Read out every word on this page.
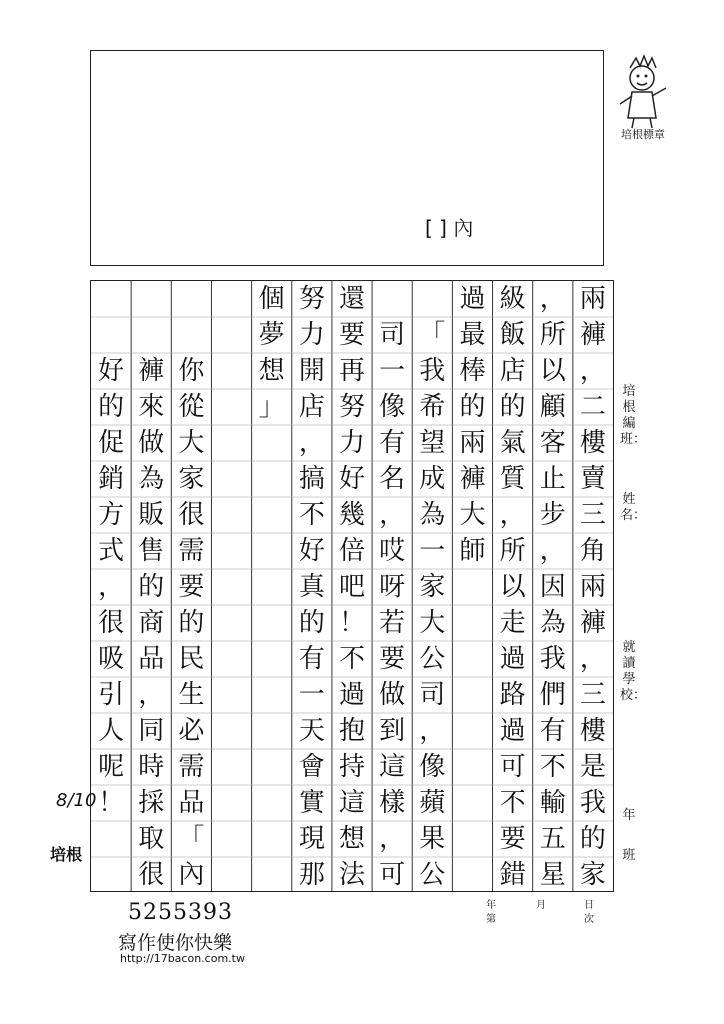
[ ] 內
培根標章
兩
褲
，
二
樓
賣
三
角
兩
褲
，
三
樓
是
我
的
家
，
所
以
顧
客
止
步
，
因
為
我
們
有
不
輸
五
星
級
飯
店
的
氣
質
，
所
以
走
過
路
過
可
不
要
錯
過
最
棒
的
兩
褲
大
師
「
我
希
望
成
為
一
家
大
公
司
，
像
蘋
果
公
司
一
像
有
名
，
哎
呀
若
要
做
到
這
樣
，
可
還
要
再
努
力
好
幾
倍
吧
！
不
過
抱
持
這
想
法
努
力
開
店
，
搞
不
好
真
的
有
一
天
會
實
現
那
個
夢
想
」
你
從
大
家
很
需
要
的
民
生
必
需
品
「
內
褲
來
做
為
販
售
的
商
品
，
同
時
採
取
很
好
的
促
銷
方
式
，
很
吸
引
人
呢
！
培根編班：
姓名：
就讀學校：
年
班
年
第
月	日
次
8/10
培根
5255393
寫作使你快樂
http://17bacon.com.tw
